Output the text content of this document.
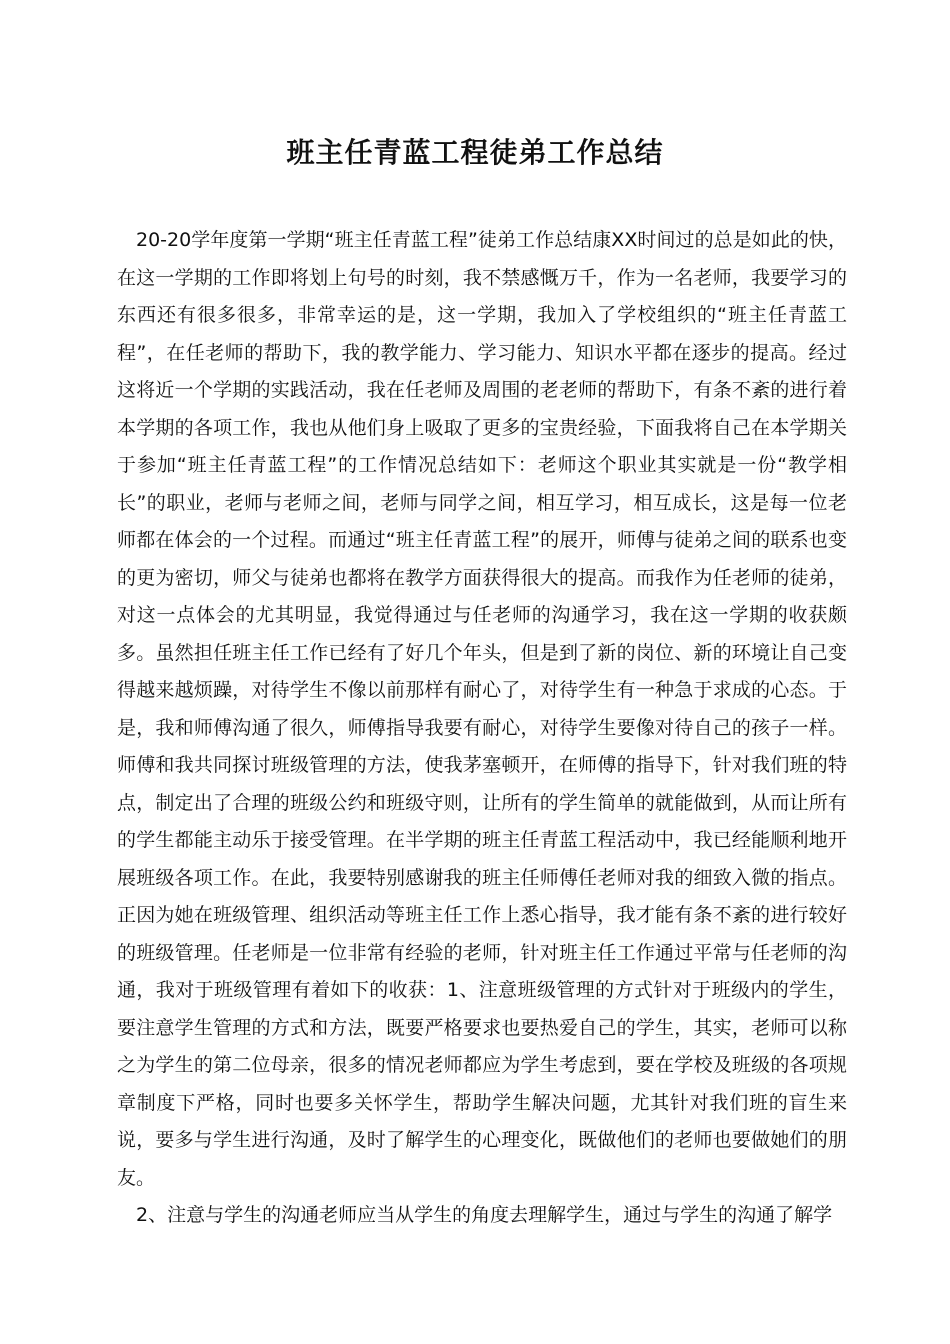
班主任青蓝工程徒弟工作总结

20-20学年度第一学期“班主任青蓝工程”徒弟工作总结康XX时间过的总是如此的快，在这一学期的工作即将划上句号的时刻，我不禁感慨万千，作为一名老师，我要学习的东西还有很多很多，非常幸运的是，这一学期，我加入了学校组织的“班主任青蓝工程”，在任老师的帮助下，我的教学能力、学习能力、知识水平都在逐步的提高。经过这将近一个学期的实践活动，我在任老师及周围的老老师的帮助下，有条不紊的进行着本学期的各项工作，我也从他们身上吸取了更多的宝贵经验，下面我将自己在本学期关于参加“班主任青蓝工程”的工作情况总结如下：老师这个职业其实就是一份“教学相长”的职业，老师与老师之间，老师与同学之间，相互学习，相互成长，这是每一位老师都在体会的一个过程。而通过“班主任青蓝工程”的展开，师傅与徒弟之间的联系也变的更为密切，师父与徒弟也都将在教学方面获得很大的提高。而我作为任老师的徒弟，对这一点体会的尤其明显，我觉得通过与任老师的沟通学习，我在这一学期的收获颇多。虽然担任班主任工作已经有了好几个年头，但是到了新的岗位、新的环境让自己变得越来越烦躁，对待学生不像以前那样有耐心了，对待学生有一种急于求成的心态。于是，我和师傅沟通了很久，师傅指导我要有耐心，对待学生要像对待自己的孩子一样。师傅和我共同探讨班级管理的方法，使我茅塞顿开，在师傅的指导下，针对我们班的特点，制定出了合理的班级公约和班级守则，让所有的学生简单的就能做到，从而让所有的学生都能主动乐于接受管理。在半学期的班主任青蓝工程活动中，我已经能顺利地开展班级各项工作。在此，我要特别感谢我的班主任师傅任老师对我的细致入微的指点。正因为她在班级管理、组织活动等班主任工作上悉心指导，我才能有条不紊的进行较好的班级管理。任老师是一位非常有经验的老师，针对班主任工作通过平常与任老师的沟通，我对于班级管理有着如下的收获：1、注意班级管理的方式针对于班级内的学生，要注意学生管理的方式和方法，既要严格要求也要热爱自己的学生，其实，老师可以称之为学生的第二位母亲，很多的情况老师都应为学生考虑到，要在学校及班级的各项规章制度下严格，同时也要多关怀学生，帮助学生解决问题，尤其针对我们班的盲生来说，要多与学生进行沟通，及时了解学生的心理变化，既做他们的老师也要做她们的朋友。

2、注意与学生的沟通老师应当从学生的角度去理解学生，通过与学生的沟通了解学
